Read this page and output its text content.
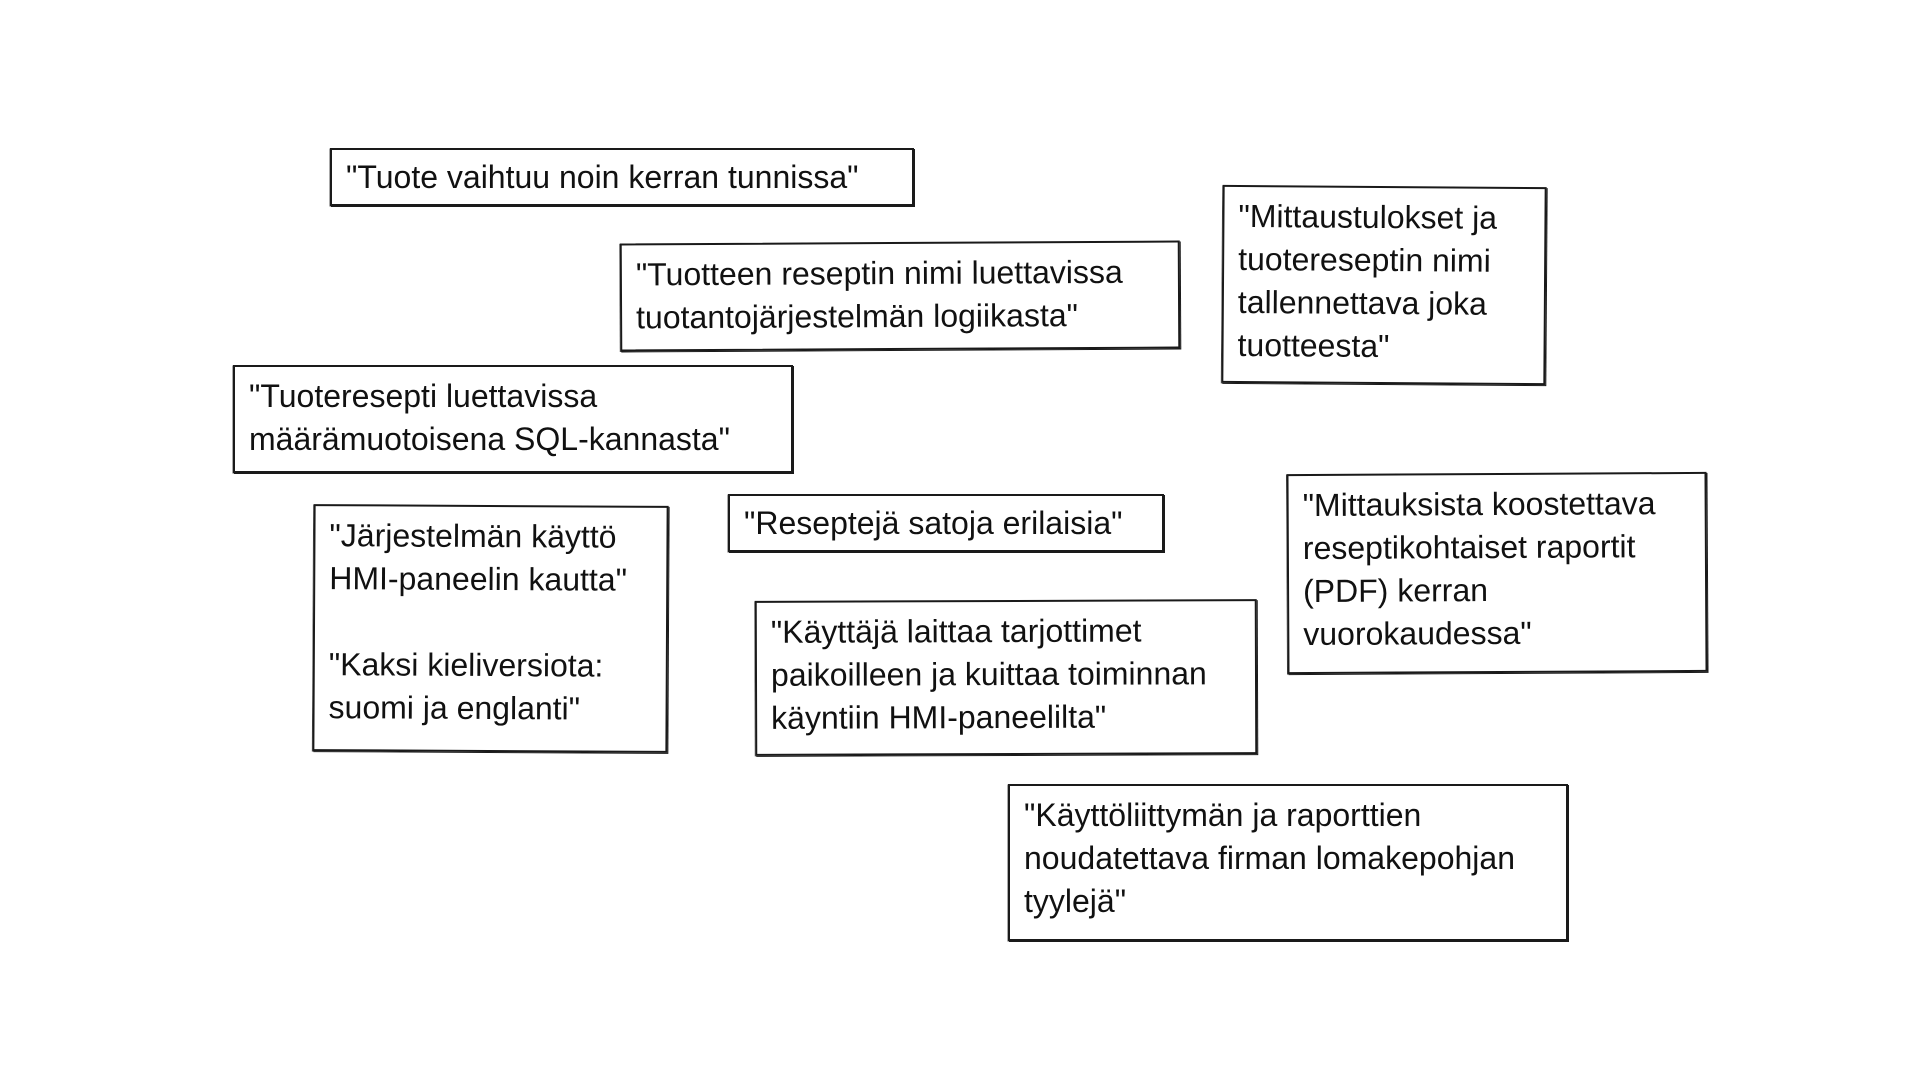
"Tuote vaihtuu noin kerran tunnissa"
"Tuotteen reseptin nimi luettavissa
tuotantojärjestelmän logiikasta"
"Mittaustulokset ja
tuotereseptin nimi
tallennettava joka
tuotteesta"
"Tuoteresepti luettavissa
määrämuotoisena SQL-kannasta"
"Järjestelmän käyttö
HMI-paneelin kautta"

"Kaksi kieliversiota:
suomi ja englanti"
"Reseptejä satoja erilaisia"
"Käyttäjä laittaa tarjottimet
paikoilleen ja kuittaa toiminnan
käyntiin HMI-paneelilta"
"Mittauksista koostettava
reseptikohtaiset raportit
(PDF) kerran
vuorokaudessa"
"Käyttöliittymän ja raporttien
noudatettava firman lomakepohjan
tyylejä"
